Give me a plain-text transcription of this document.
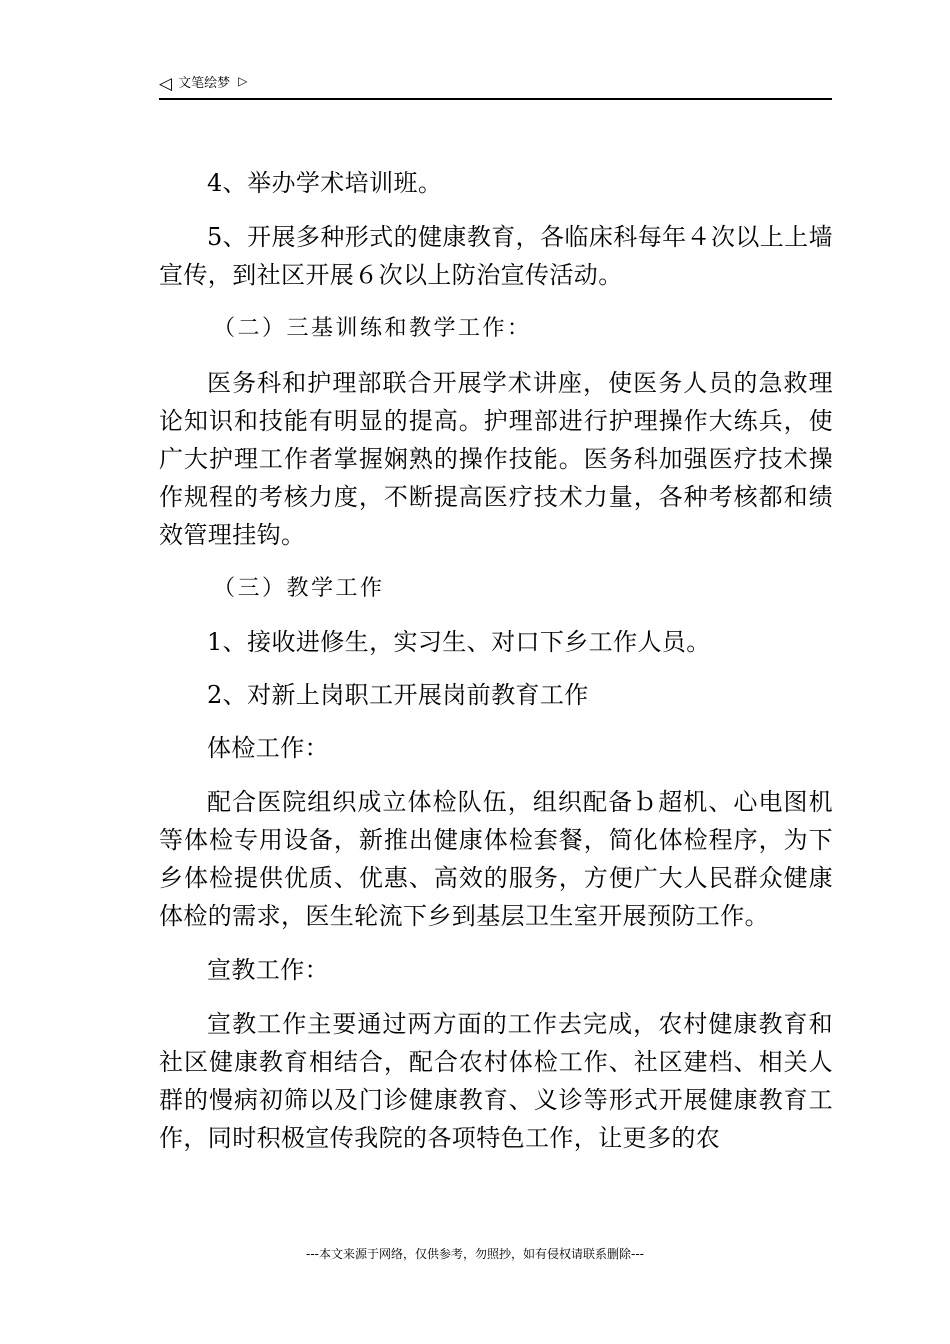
◁ 文笔绘梦 ▷

4、举办学术培训班。

5、开展多种形式的健康教育，各临床科每年４次以上上墙宣传，到社区开展６次以上防治宣传活动。

（二）三基训练和教学工作：

医务科和护理部联合开展学术讲座，使医务人员的急救理论知识和技能有明显的提高。护理部进行护理操作大练兵，使广大护理工作者掌握娴熟的操作技能。医务科加强医疗技术操作规程的考核力度，不断提高医疗技术力量，各种考核都和绩效管理挂钩。

（三）教学工作

1、接收进修生，实习生、对口下乡工作人员。

2、对新上岗职工开展岗前教育工作

体检工作：

配合医院组织成立体检队伍，组织配备ｂ超机、心电图机等体检专用设备，新推出健康体检套餐，简化体检程序，为下乡体检提供优质、优惠、高效的服务，方便广大人民群众健康体检的需求，医生轮流下乡到基层卫生室开展预防工作。

宣教工作：

宣教工作主要通过两方面的工作去完成，农村健康教育和社区健康教育相结合，配合农村体检工作、社区建档、相关人群的慢病初筛以及门诊健康教育、义诊等形式开展健康教育工作，同时积极宣传我院的各项特色工作，让更多的农

---本文来源于网络，仅供参考，勿照抄，如有侵权请联系删除---
